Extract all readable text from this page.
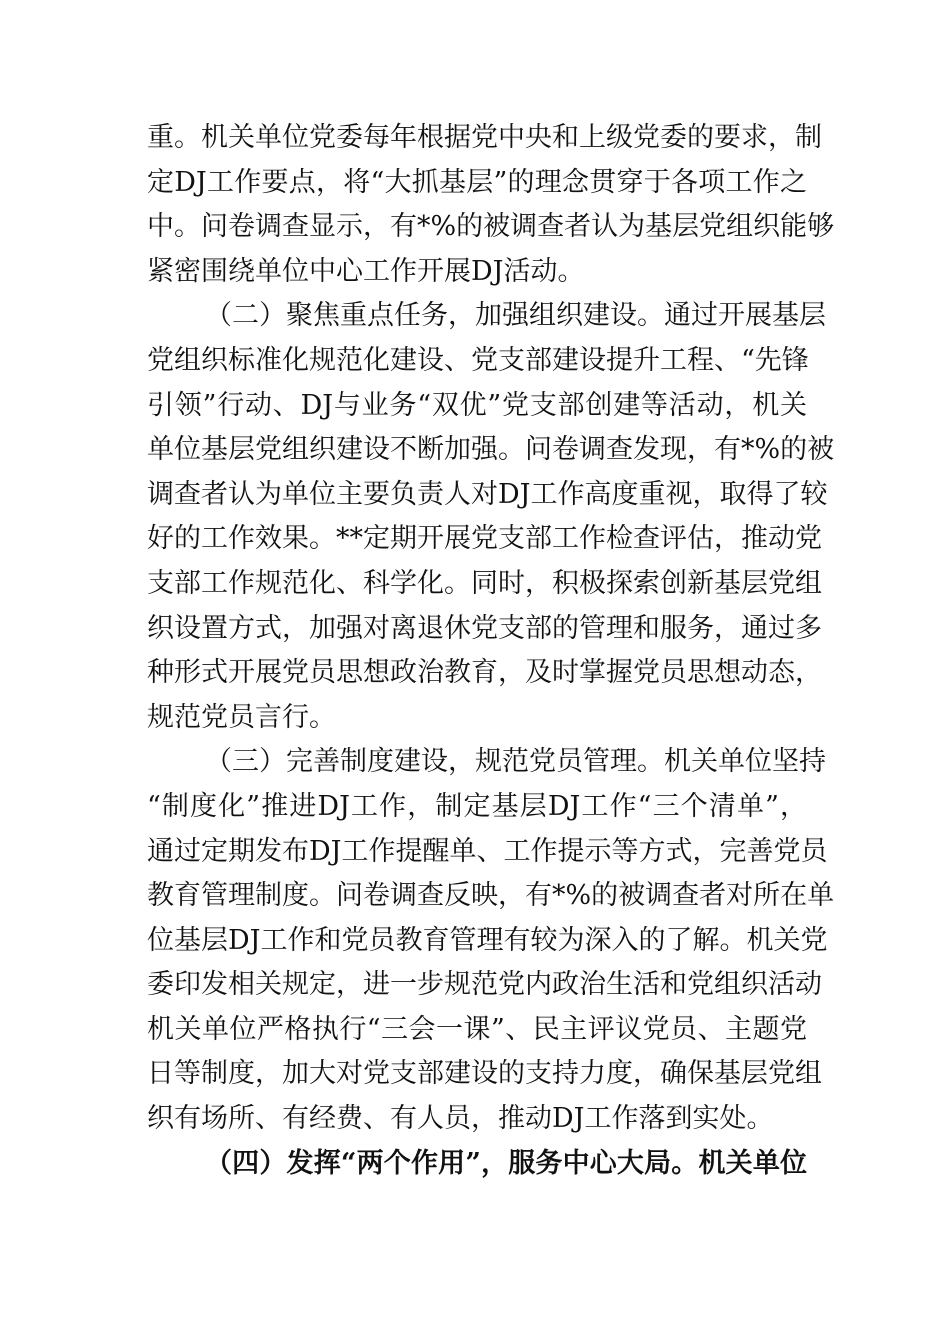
重。机关单位党委每年根据党中央和上级党委的要求，制
定DJ工作要点，将“大抓基层”的理念贯穿于各项工作之
中。问卷调查显示，有*%的被调查者认为基层党组织能够
紧密围绕单位中心工作开展DJ活动。
（二）聚焦重点任务，加强组织建设。通过开展基层
党组织标准化规范化建设、党支部建设提升工程、“先锋
引领”行动、DJ与业务“双优”党支部创建等活动，机关
单位基层党组织建设不断加强。问卷调查发现，有*%的被
调查者认为单位主要负责人对DJ工作高度重视，取得了较
好的工作效果。**定期开展党支部工作检查评估，推动党
支部工作规范化、科学化。同时，积极探索创新基层党组
织设置方式，加强对离退休党支部的管理和服务，通过多
种形式开展党员思想政治教育，及时掌握党员思想动态，
规范党员言行。
（三）完善制度建设，规范党员管理。机关单位坚持
“制度化”推进DJ工作，制定基层DJ工作“三个清单”，
通过定期发布DJ工作提醒单、工作提示等方式，完善党员
教育管理制度。问卷调查反映，有*%的被调查者对所在单
位基层DJ工作和党员教育管理有较为深入的了解。机关党
委印发相关规定，进一步规范党内政治生活和党组织活动
机关单位严格执行“三会一课”、民主评议党员、主题党
日等制度，加大对党支部建设的支持力度，确保基层党组
织有场所、有经费、有人员，推动DJ工作落到实处。
（四）发挥“两个作用”，服务中心大局。机关单位
